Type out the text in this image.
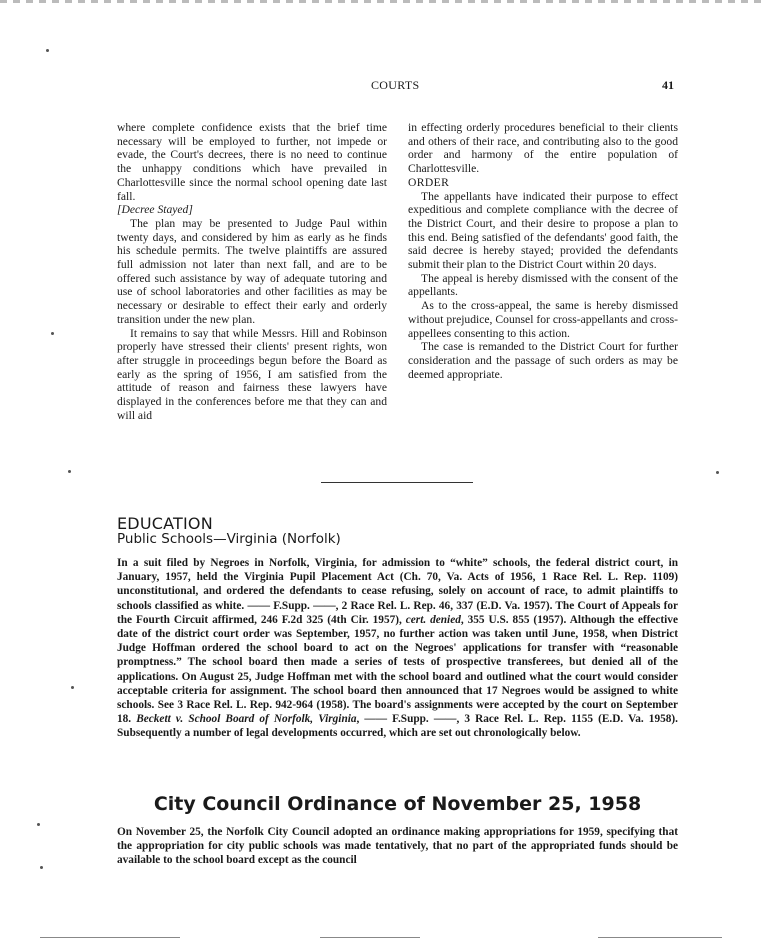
COURTS	41

where complete confidence exists that the brief time necessary will be employed to further, not impede or evade, the Court's decrees, there is no need to continue the unhappy conditions which have prevailed in Charlottesville since the normal school opening date last fall.

[Decree Stayed]

The plan may be presented to Judge Paul within twenty days, and considered by him as early as he finds his schedule permits. The twelve plaintiffs are assured full admission not later than next fall, and are to be offered such assistance by way of adequate tutoring and use of school laboratories and other facilities as may be necessary or desirable to effect their early and orderly transition under the new plan.

It remains to say that while Messrs. Hill and Robinson properly have stressed their clients' present rights, won after struggle in proceedings begun before the Board as early as the spring of 1956, I am satisfied from the attitude of reason and fairness these lawyers have displayed in the conferences before me that they can and will aid

in effecting orderly procedures beneficial to their clients and others of their race, and contributing also to the good order and harmony of the entire population of Charlottesville.

ORDER

The appellants have indicated their purpose to effect expeditious and complete compliance with the decree of the District Court, and their desire to propose a plan to this end. Being satisfied of the defendants' good faith, the said decree is hereby stayed; provided the defendants submit their plan to the District Court within 20 days.

The appeal is hereby dismissed with the consent of the appellants.

As to the cross-appeal, the same is hereby dismissed without prejudice, Counsel for cross-appellants and cross-appellees consenting to this action.

The case is remanded to the District Court for further consideration and the passage of such orders as may be deemed appropriate.

EDUCATION
Public Schools—Virginia (Norfolk)

In a suit filed by Negroes in Norfolk, Virginia, for admission to “white” schools, the federal district court, in January, 1957, held the Virginia Pupil Placement Act (Ch. 70, Va. Acts of 1956, 1 Race Rel. L. Rep. 1109) unconstitutional, and ordered the defendants to cease refusing, solely on account of race, to admit plaintiffs to schools classified as white. —— F.Supp. ——, 2 Race Rel. L. Rep. 46, 337 (E.D. Va. 1957). The Court of Appeals for the Fourth Circuit affirmed, 246 F.2d 325 (4th Cir. 1957), cert. denied, 355 U.S. 855 (1957). Although the effective date of the district court order was September, 1957, no further action was taken until June, 1958, when District Judge Hoffman ordered the school board to act on the Negroes' applications for transfer with “reasonable promptness.” The school board then made a series of tests of prospective transferees, but denied all of the applications. On August 25, Judge Hoffman met with the school board and outlined what the court would consider acceptable criteria for assignment. The school board then announced that 17 Negroes would be assigned to white schools. See 3 Race Rel. L. Rep. 942-964 (1958). The board's assignments were accepted by the court on September 18. Beckett v. School Board of Norfolk, Virginia, —— F.Supp. ——, 3 Race Rel. L. Rep. 1155 (E.D. Va. 1958). Subsequently a number of legal developments occurred, which are set out chronologically below.

City Council Ordinance of November 25, 1958

On November 25, the Norfolk City Council adopted an ordinance making appropriations for 1959, specifying that the appropriation for city public schools was made tentatively, that no part of the appropriated funds should be available to the school board except as the council
